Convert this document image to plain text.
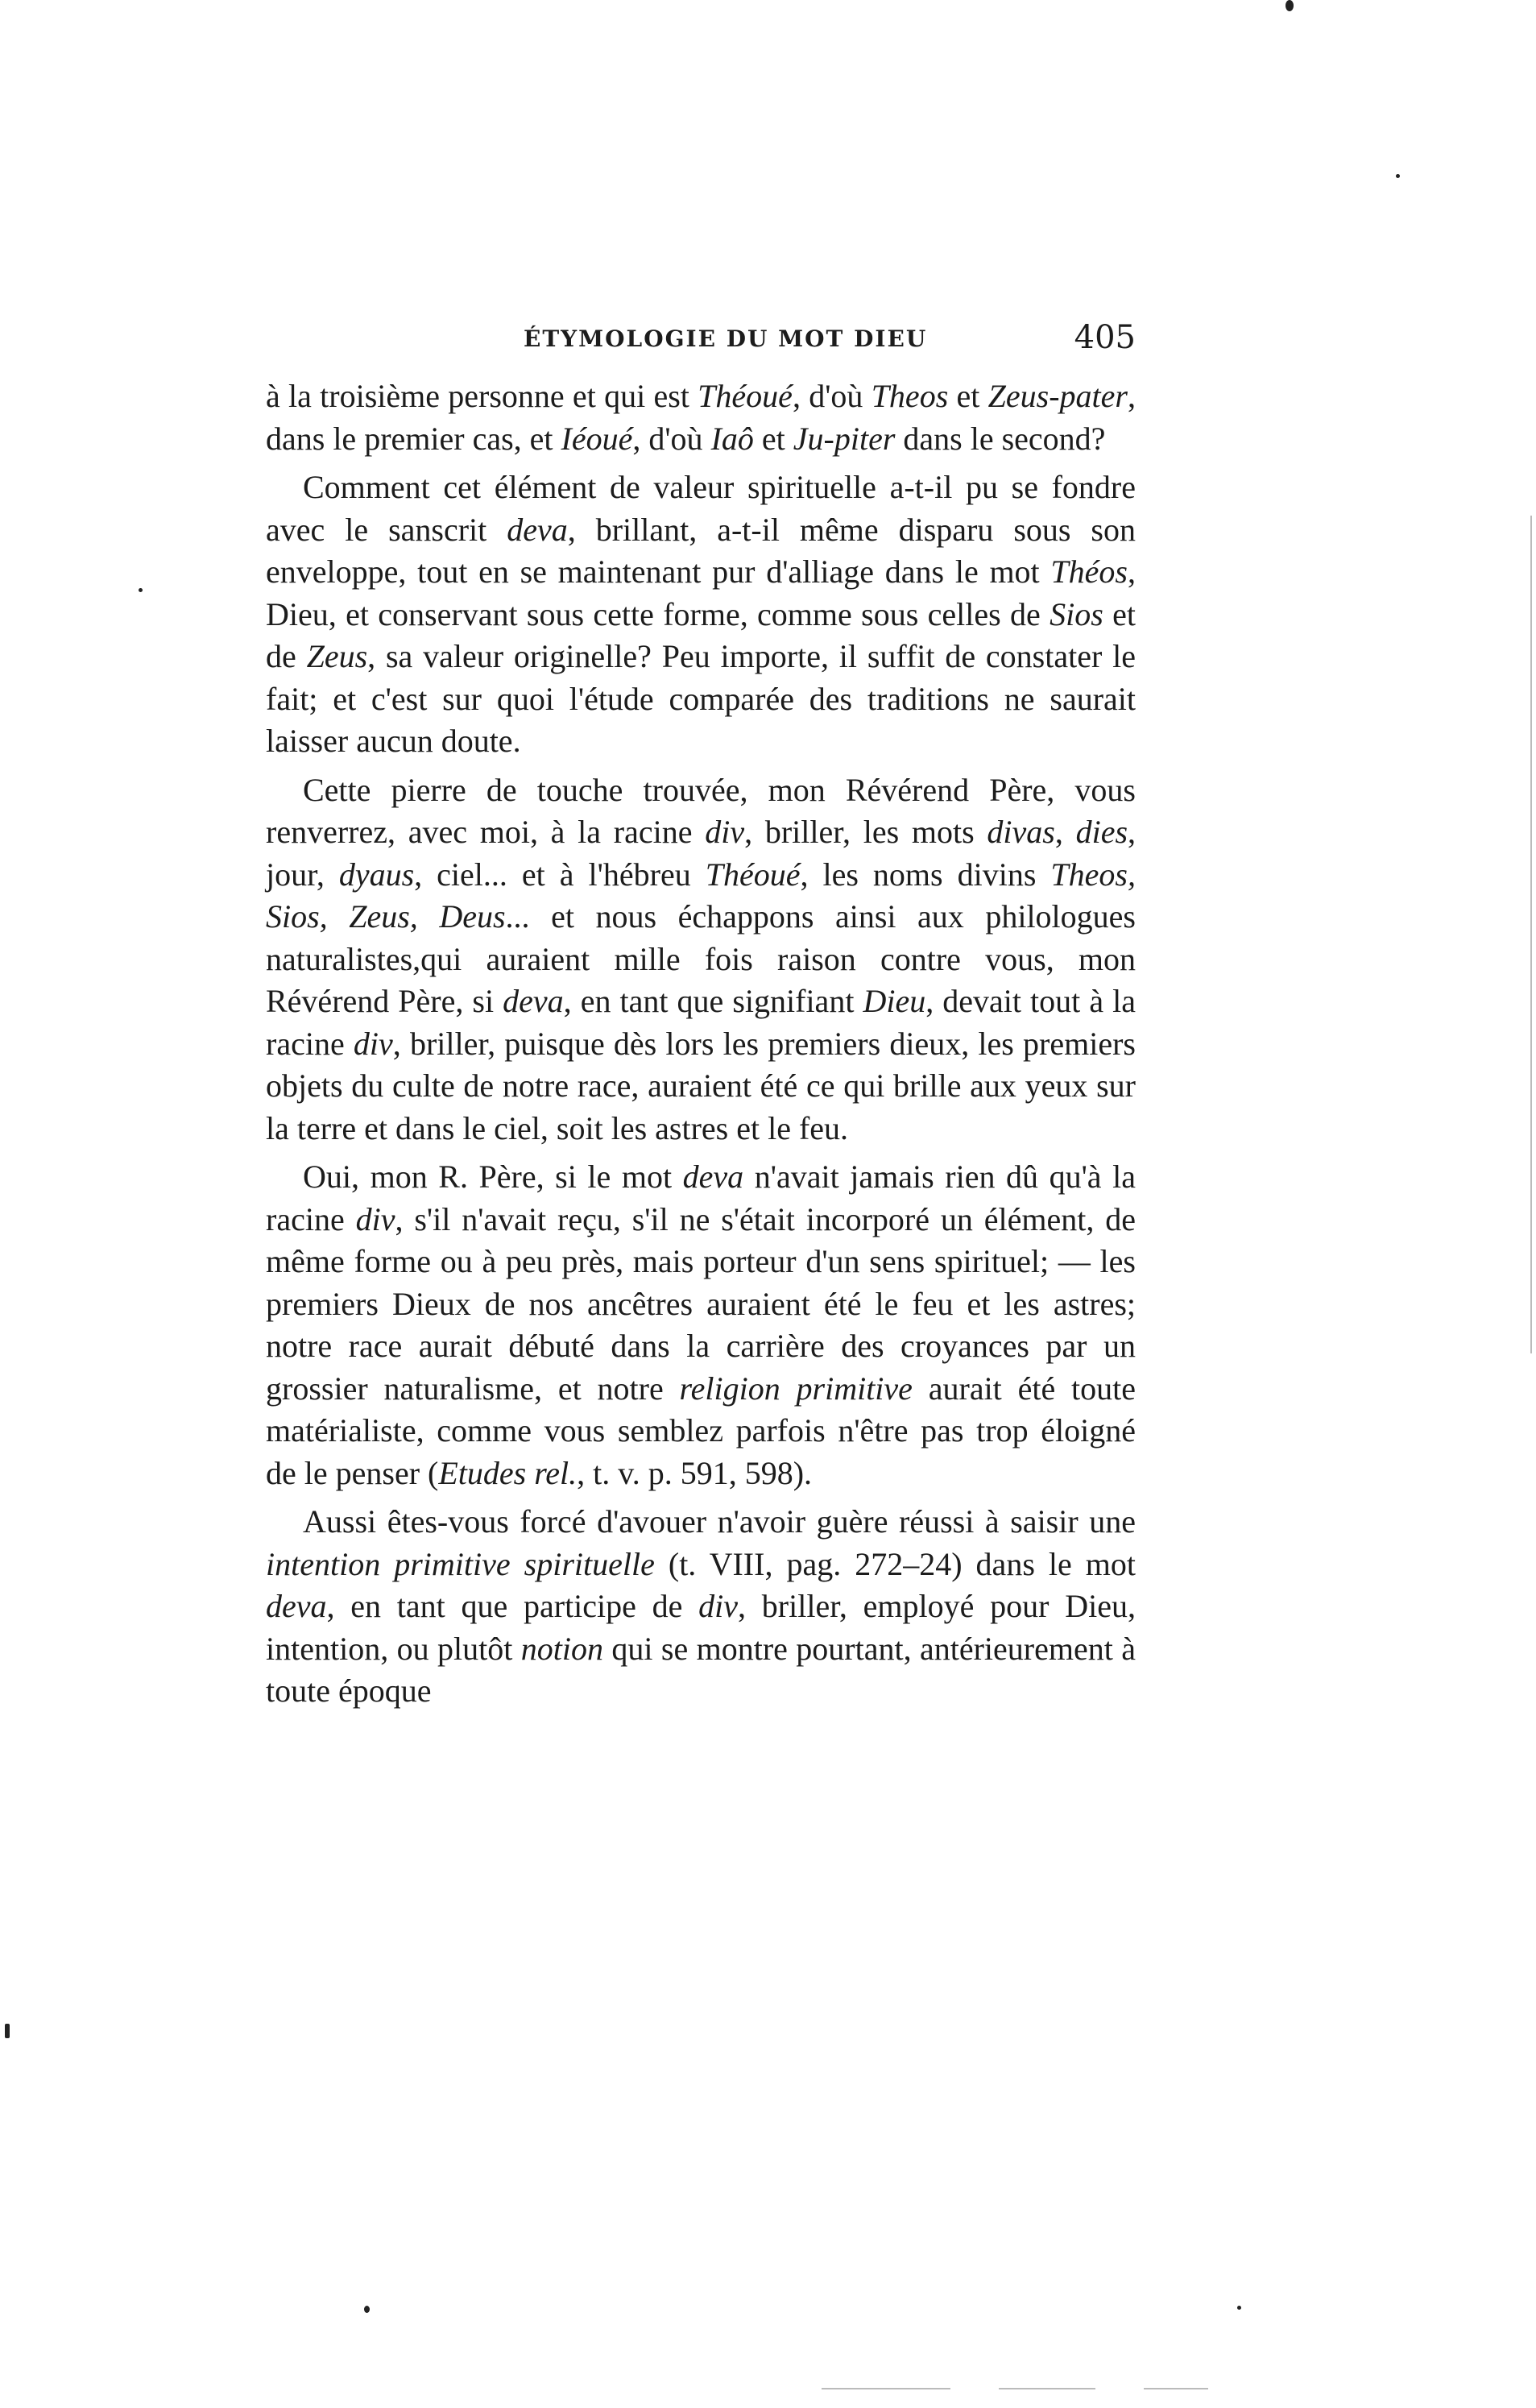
ÉTYMOLOGIE DU MOT DIEU	405

à la troisième personne et qui est Théoué, d'où Theos et Zeus-pater, dans le premier cas, et Iéoué, d'où Iaô et Ju-piter dans le second?

Comment cet élément de valeur spirituelle a-t-il pu se fondre avec le sanscrit deva, brillant, a-t-il même disparu sous son enveloppe, tout en se maintenant pur d'alliage dans le mot Théos, Dieu, et conservant sous cette forme, comme sous celles de Sios et de Zeus, sa valeur originelle? Peu importe, il suffit de constater le fait; et c'est sur quoi l'étude comparée des traditions ne saurait laisser aucun doute.

Cette pierre de touche trouvée, mon Révérend Père, vous renverrez, avec moi, à la racine div, briller, les mots divas, dies, jour, dyaus, ciel... et à l'hébreu Théoué, les noms divins Theos, Sios, Zeus, Deus... et nous échappons ainsi aux philologues naturalistes,qui auraient mille fois raison contre vous, mon Révérend Père, si deva, en tant que signifiant Dieu, devait tout à la racine div, briller, puisque dès lors les premiers dieux, les premiers objets du culte de notre race, auraient été ce qui brille aux yeux sur la terre et dans le ciel, soit les astres et le feu.

Oui, mon R. Père, si le mot deva n'avait jamais rien dû qu'à la racine div, s'il n'avait reçu, s'il ne s'était incorporé un élément, de même forme ou à peu près, mais porteur d'un sens spirituel; — les premiers Dieux de nos ancêtres auraient été le feu et les astres; notre race aurait débuté dans la carrière des croyances par un grossier naturalisme, et notre religion primitive aurait été toute matérialiste, comme vous semblez parfois n'être pas trop éloigné de le penser (Etudes rel., t. v. p. 591, 598).

Aussi êtes-vous forcé d'avouer n'avoir guère réussi à saisir une intention primitive spirituelle (t. VIII, pag. 272–24) dans le mot deva, en tant que participe de div, briller, employé pour Dieu, intention, ou plutôt notion qui se montre pourtant, antérieurement à toute époque
